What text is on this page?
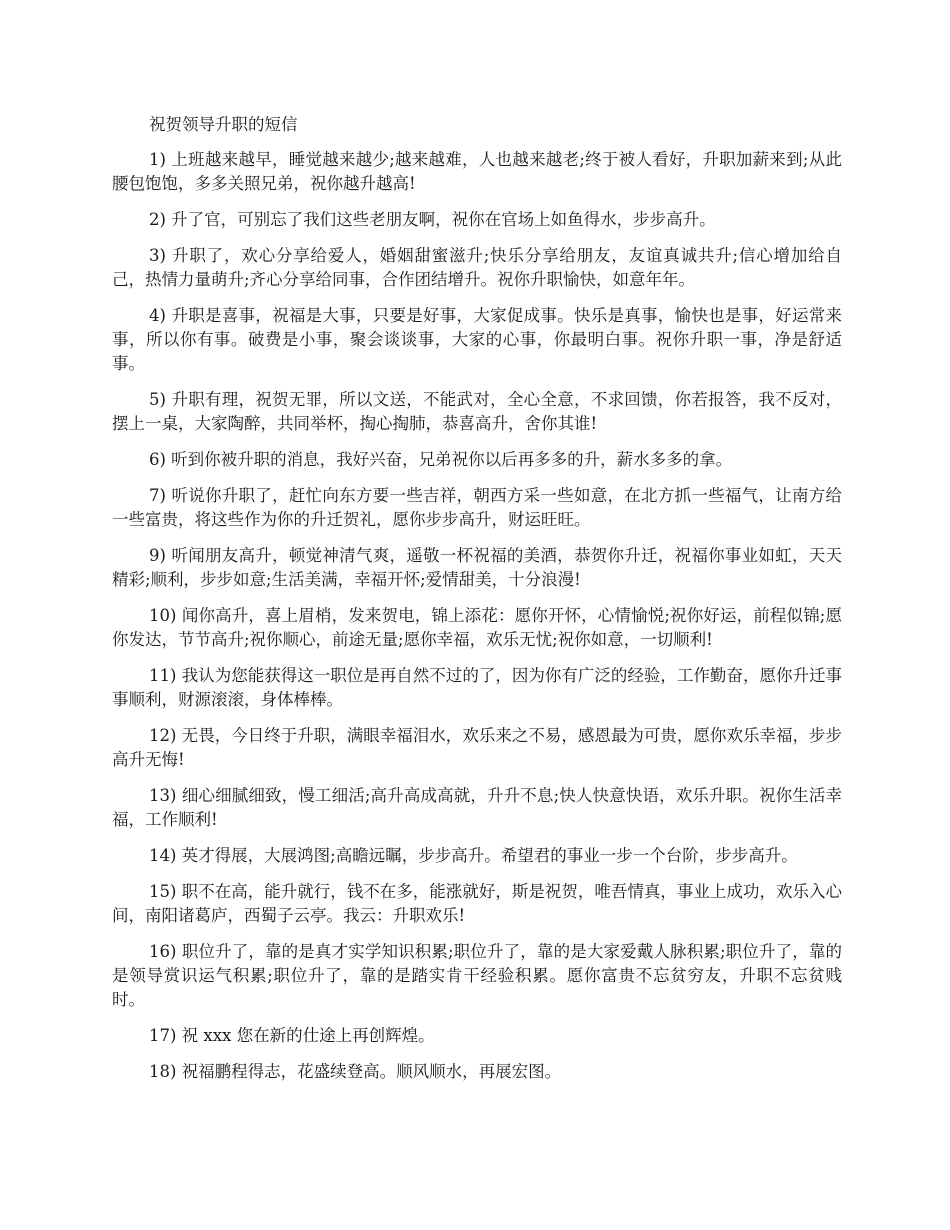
祝贺领导升职的短信

1) 上班越来越早，睡觉越来越少;越来越难，人也越来越老;终于被人看好，升职加薪来到;从此腰包饱饱，多多关照兄弟，祝你越升越高!

2) 升了官，可别忘了我们这些老朋友啊，祝你在官场上如鱼得水，步步高升。

3) 升职了，欢心分享给爱人，婚姻甜蜜滋升;快乐分享给朋友，友谊真诚共升;信心增加给自己，热情力量萌升;齐心分享给同事，合作团结增升。祝你升职愉快，如意年年。

4) 升职是喜事，祝福是大事，只要是好事，大家促成事。快乐是真事，愉快也是事，好运常来事，所以你有事。破费是小事，聚会谈谈事，大家的心事，你最明白事。祝你升职一事，净是舒适事。

5) 升职有理，祝贺无罪，所以文送，不能武对，全心全意，不求回馈，你若报答，我不反对，摆上一桌，大家陶醉，共同举杯，掏心掏肺，恭喜高升，舍你其谁!

6) 听到你被升职的消息，我好兴奋，兄弟祝你以后再多多的升，薪水多多的拿。

7) 听说你升职了，赶忙向东方要一些吉祥，朝西方采一些如意，在北方抓一些福气，让南方给一些富贵，将这些作为你的升迁贺礼，愿你步步高升，财运旺旺。

9) 听闻朋友高升，顿觉神清气爽，遥敬一杯祝福的美酒，恭贺你升迁，祝福你事业如虹，天天精彩;顺利，步步如意;生活美满，幸福开怀;爱情甜美，十分浪漫!

10) 闻你高升，喜上眉梢，发来贺电，锦上添花：愿你开怀，心情愉悦;祝你好运，前程似锦;愿你发达，节节高升;祝你顺心，前途无量;愿你幸福，欢乐无忧;祝你如意，一切顺利!

11) 我认为您能获得这一职位是再自然不过的了，因为你有广泛的经验，工作勤奋，愿你升迁事事顺利，财源滚滚，身体棒棒。

12) 无畏，今日终于升职，满眼幸福泪水，欢乐来之不易，感恩最为可贵，愿你欢乐幸福，步步高升无悔!

13) 细心细腻细致，慢工细活;高升高成高就，升升不息;快人快意快语，欢乐升职。祝你生活幸福，工作顺利!

14) 英才得展，大展鸿图;高瞻远瞩，步步高升。希望君的事业一步一个台阶，步步高升。

15) 职不在高，能升就行，钱不在多，能涨就好，斯是祝贺，唯吾情真，事业上成功，欢乐入心间，南阳诸葛庐，西蜀子云亭。我云：升职欢乐!

16) 职位升了，靠的是真才实学知识积累;职位升了，靠的是大家爱戴人脉积累;职位升了，靠的是领导赏识运气积累;职位升了，靠的是踏实肯干经验积累。愿你富贵不忘贫穷友，升职不忘贫贱时。

17) 祝 xxx 您在新的仕途上再创辉煌。

18) 祝福鹏程得志，花盛续登高。顺风顺水，再展宏图。
